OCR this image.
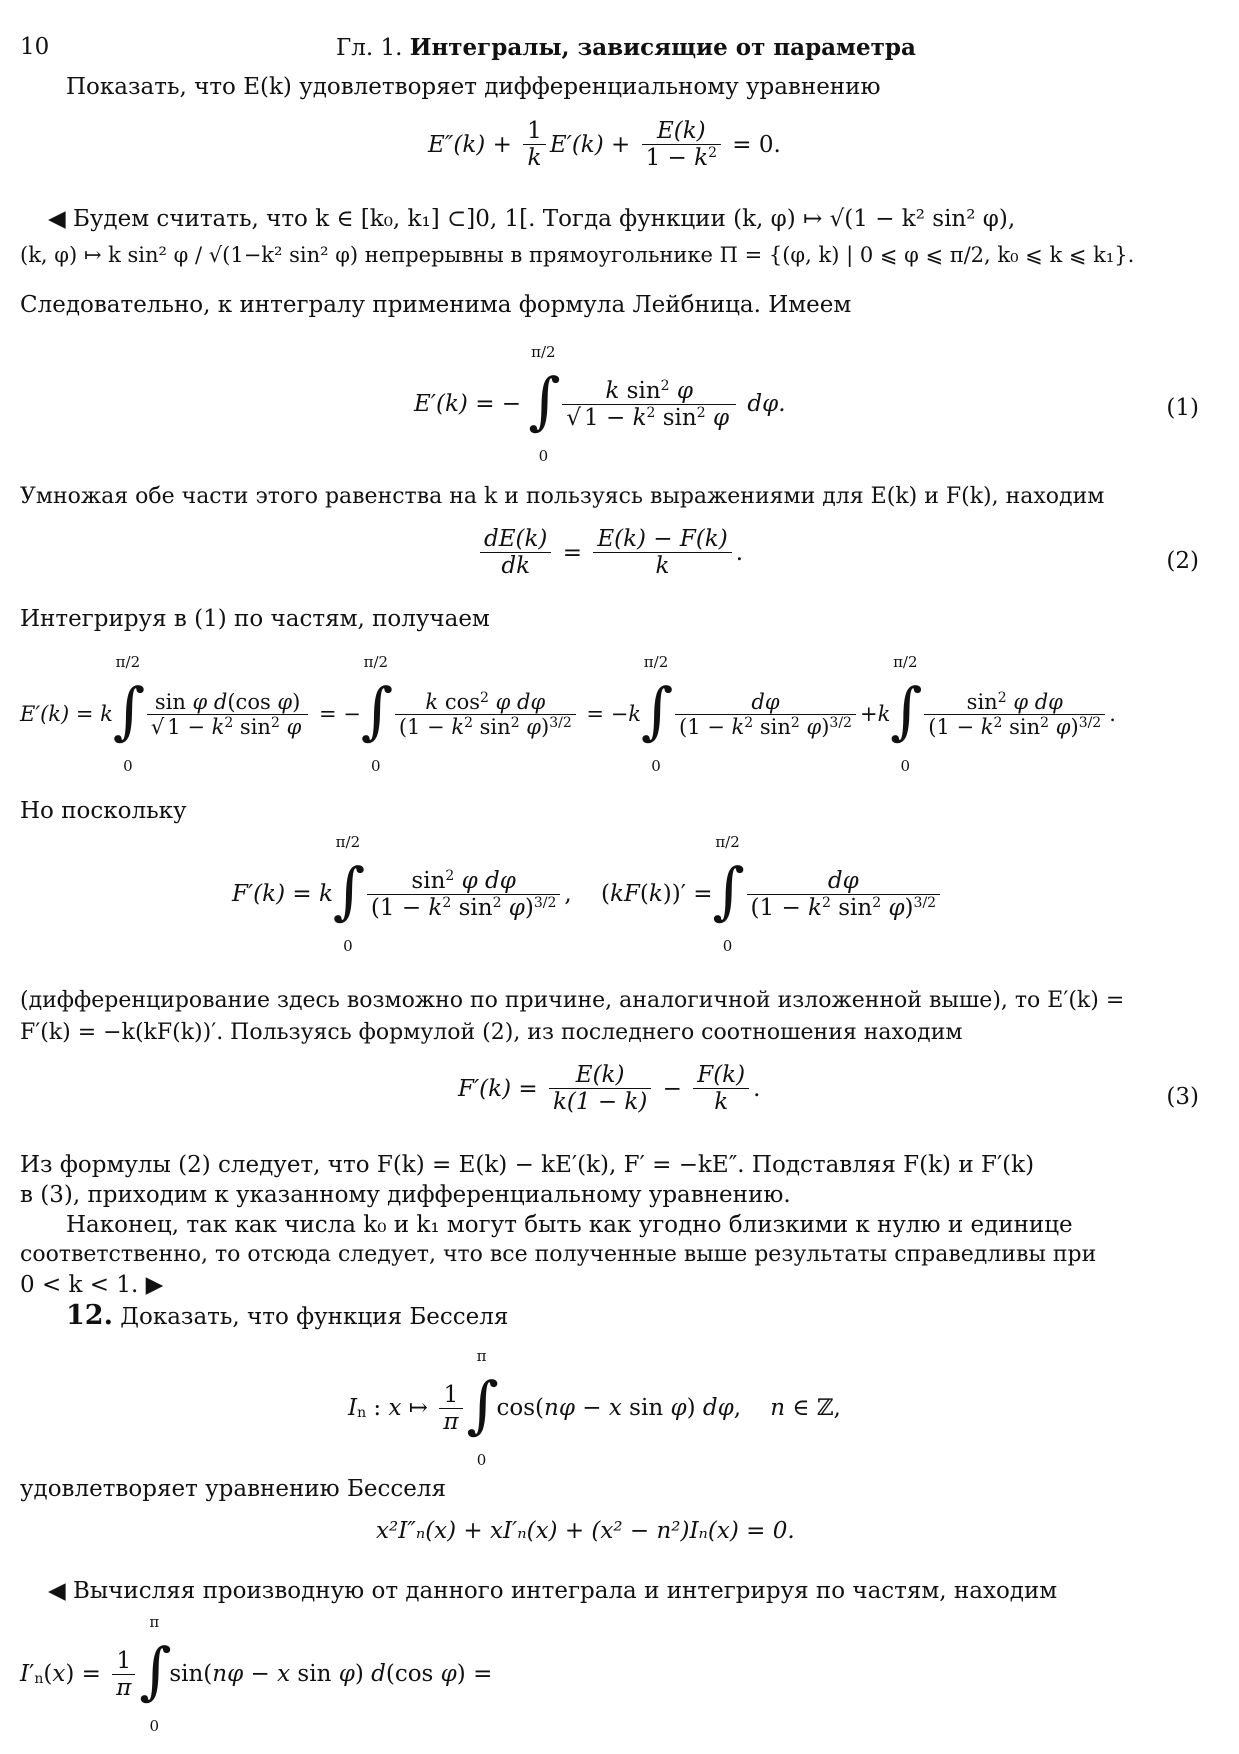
10	Гл. 1. Интегралы, зависящие от параметра
Показать, что E(k) удовлетворяет дифференциальному уравнению
$E''(k) + \frac{1}{k} E'(k) + \frac{E(k)}{1 - k^2} = 0$.
◀ Будем считать, что k ∈ [k₀, k₁] ⊂]0, 1[. Тогда функции (k, φ) ↦ √(1 − k² sin² φ),
(k, φ) ↦ k sin² φ / √(1−k² sin² φ) непрерывны в прямоугольнике Π = {(φ, k) | 0 ⩽ φ ⩽ π/2, k₀ ⩽ k ⩽ k₁}.
Следовательно, к интегралу применима формула Лейбница. Имеем
E′(k) = −
π/2
∫
0
$\frac{k \sin^2 \varphi}{√ 1 - k^2 \sin^2 \varphi} d\varphi$.	(1)
Умножая обе части этого равенства на k и пользуясь выражениями для E(k) и F(k), находим
$\frac{dE(k)}{dk} = \frac{E(k) - F(k)}{k}$ .	(2)
Интегрируя в (1) по частям, получаем
E′(k) = k
π/2
∫
0
$\frac{\text{sin φ d(cos φ)}}{√ 1 - k^2 \sin^2 \varphi}$ = −
π/2
∫
0
$\frac{k \cos^2 \varphi d\varphi}{(1 - k^2 \sin^2 \varphi)^{3/2}} = -k$
π/2
∫
0
$\frac{d\varphi}{(1 - k^2 \sin^2 \varphi)^{3/2}} +k$
π/2
∫
0
$\frac{\sin^2 \varphi d\varphi}{(1 - k^2 \sin^2 \varphi)^{3/2}}$ .
Но поскольку
F′(k) = k
π/2
∫
0
$\frac{\sin^2 \varphi d\varphi}{(1 - k^2 \sin^2 \varphi)^{3/2}}$ ,    (kF(k))′ =
π/2
∫
0
$\frac{d\varphi}{(1 - k^2 \sin^2 \varphi)^{3/2}}$
(дифференцирование здесь возможно по причине, аналогичной изложенной выше), то E′(k) =
F′(k) = −k(kF(k))′. Пользуясь формулой (2), из последнего соотношения находим
$F'(k) = \frac{E(k)}{k(1 - k)} - \frac{F(k)}{k}$ .	(3)
Из формулы (2) следует, что F(k) = E(k) − kE′(k), F′ = −kE″. Подставляя F(k) и F′(k)
в (3), приходим к указанному дифференциальному уравнению.
Наконец, так как числа k₀ и k₁ могут быть как угодно близкими к нулю и единице
соответственно, то отсюда следует, что все полученные выше результаты справедливы при
0 < k < 1. ▶
12. Доказать, что функция Бесселя
In : x ↦ $\frac{1}{\pi}$
π
∫
0
cos(nφ − x sin φ) dφ,    n ∈ ℤ,
удовлетворяет уравнению Бесселя
x²I″ₙ(x) + xI′ₙ(x) + (x² − n²)Iₙ(x) = 0.
◀ Вычисляя производную от данного интеграла и интегрируя по частям, находим
$I'n(x) = \frac{1}{\pi}$
π
∫
0
sin(nφ − x sin φ) d(cos φ) =
